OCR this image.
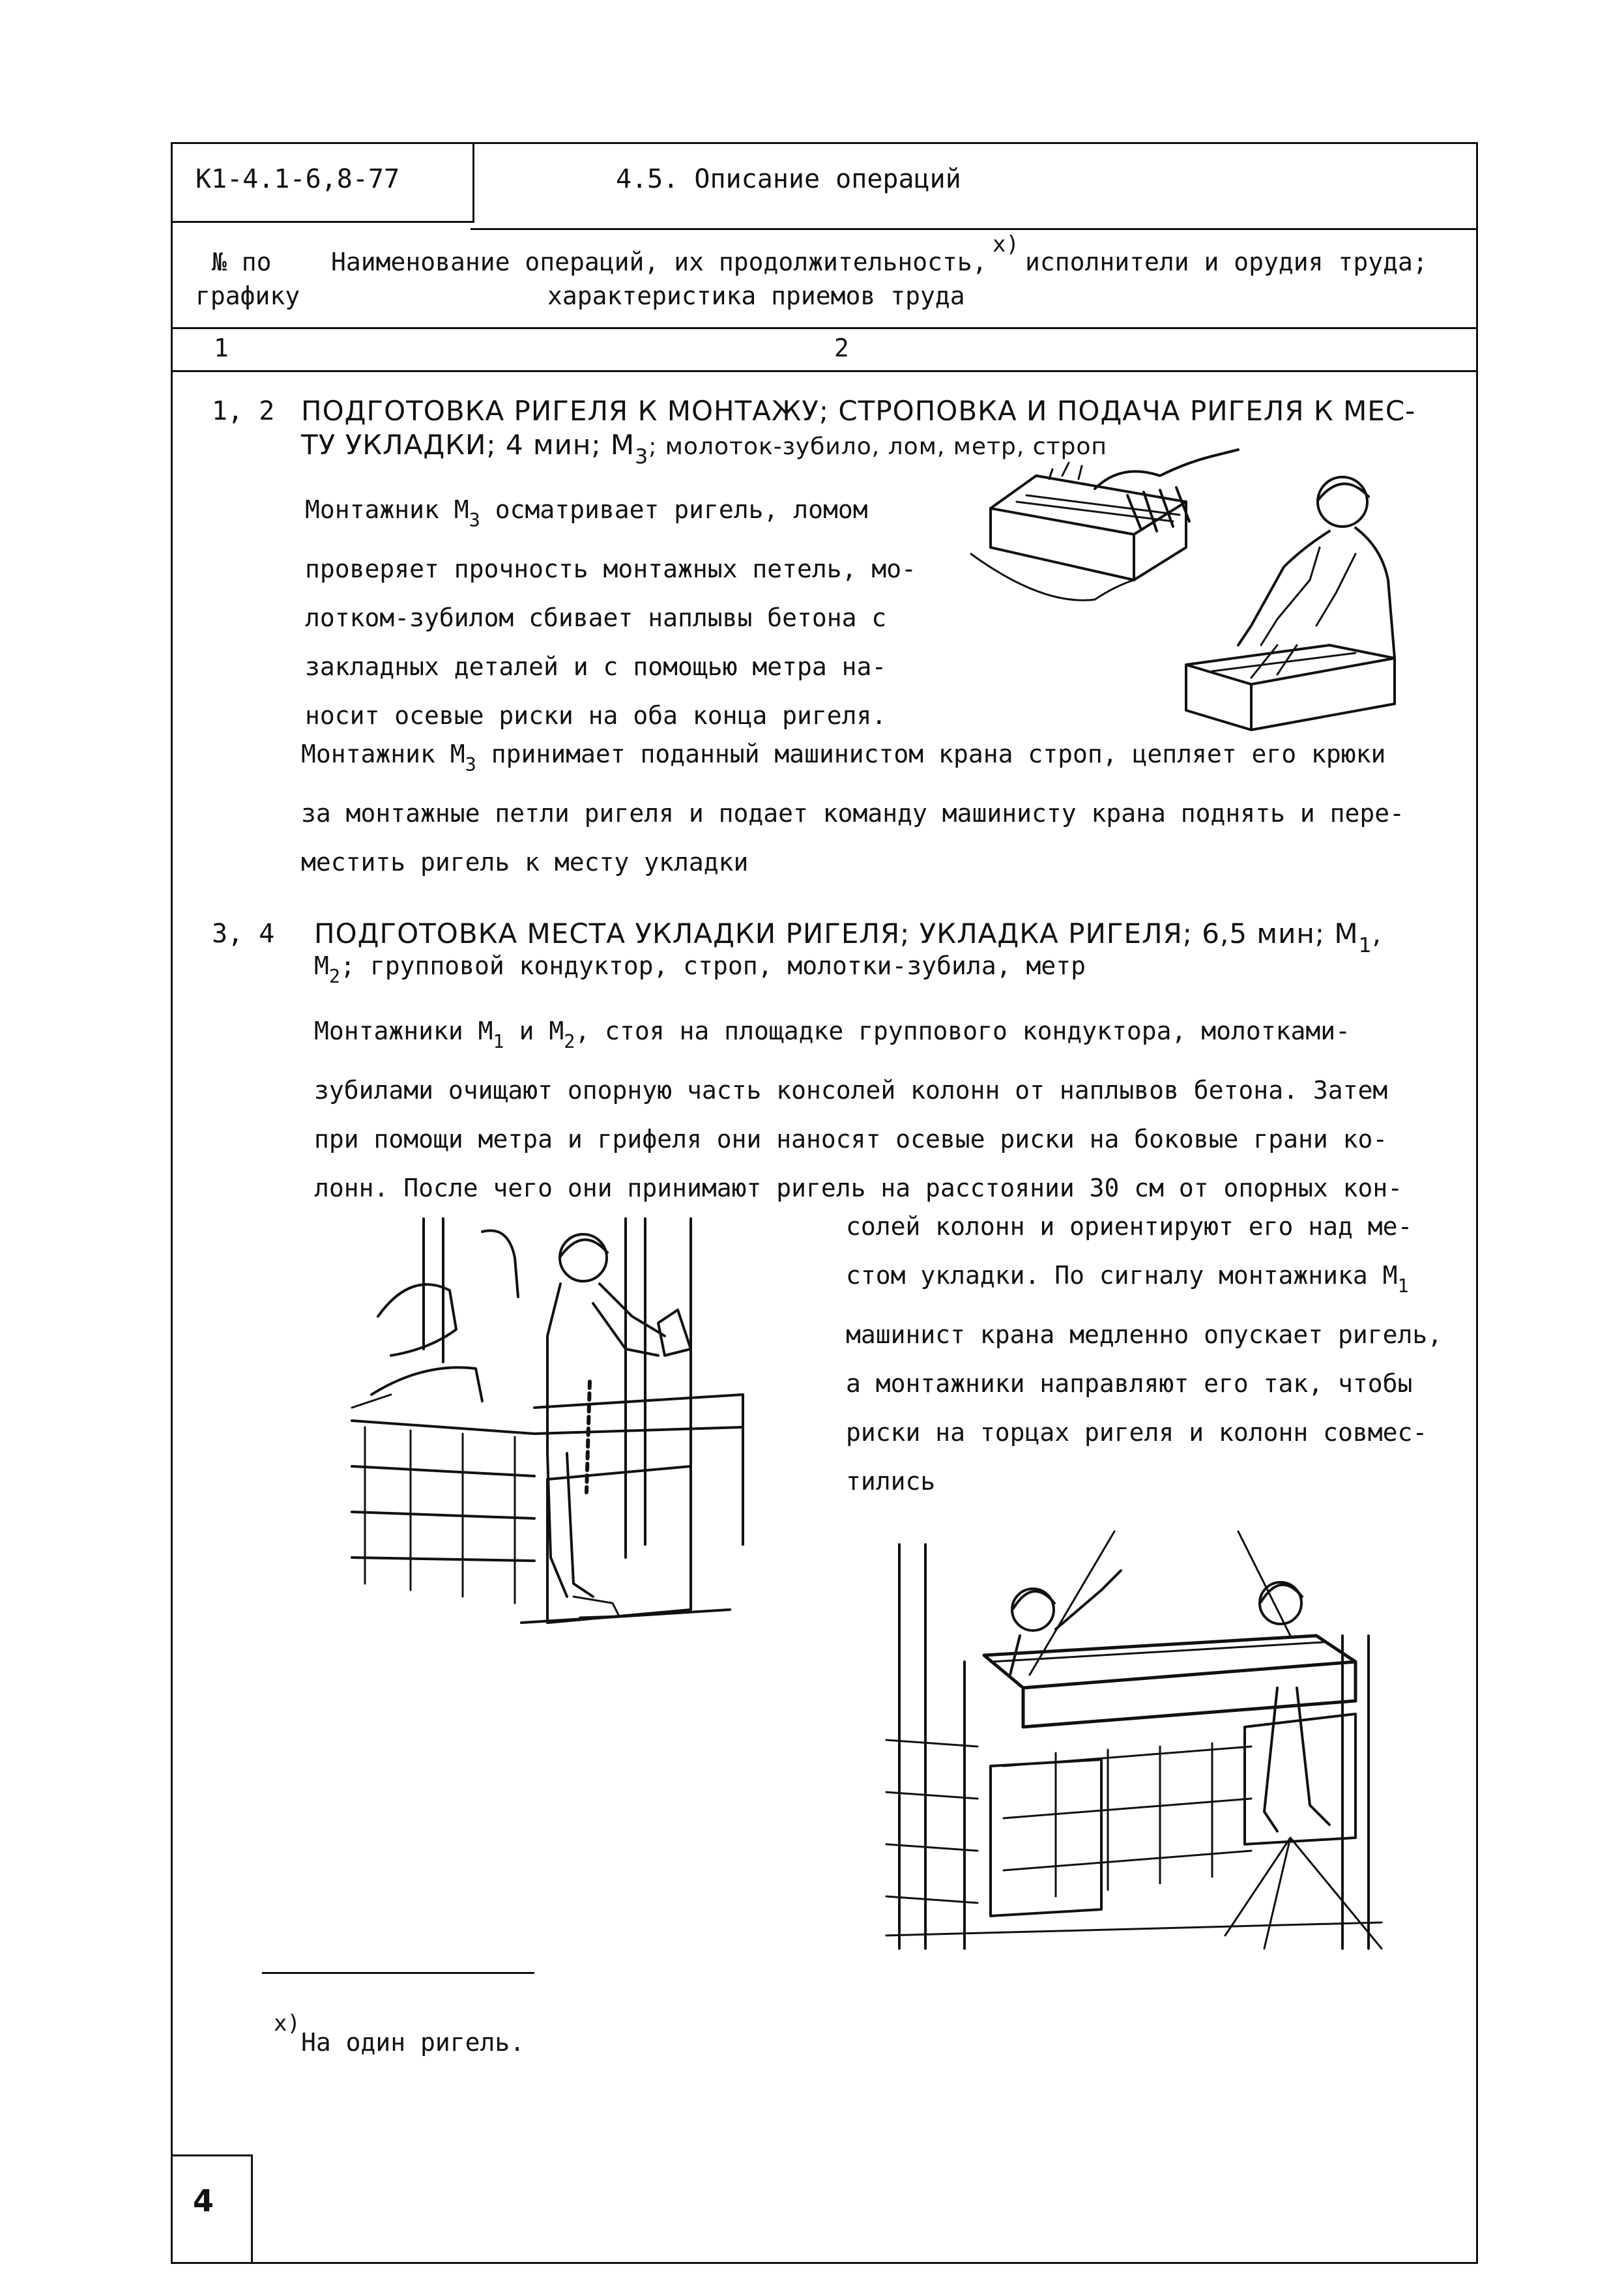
К1-4.1-6,8-77	4.5. Описание операций
№ по
графику
Наименование операций, их продолжительность,
x)
исполнители и орудия труда;
характеристика приемов труда
1	2
1, 2 ПОДГОТОВКА РИГЕЛЯ К МОНТАЖУ; СТРОПОВКА И ПОДАЧА РИГЕЛЯ К МЕС-
ТУ УКЛАДКИ; 4 мин; $М_3$; молоток-зубило, лом, метр, строп
Монтажник $М_3$ осматривает ригель, ломом
проверяет прочность монтажных петель, мо-
лотком-зубилом сбивает наплывы бетона с
закладных деталей и с помощью метра на-
носит осевые риски на оба конца ригеля.
Монтажник $М_3$ принимает поданный машинистом крана строп, цепляет его крюки
за монтажные петли ригеля и подает команду машинисту крана поднять и пере-
местить ригель к месту укладки
3, 4 ПОДГОТОВКА МЕСТА УКЛАДКИ РИГЕЛЯ; УКЛАДКА РИГЕЛЯ; 6,5 мин; $М_1$,
$М_2$; групповой кондуктор, строп, молотки-зубила, метр
Монтажники $М_1$ и $М_2$, стоя на площадке группового кондуктора, молотками-
зубилами очищают опорную часть консолей колонн от наплывов бетона. Затем
при помощи метра и грифеля они наносят осевые риски на боковые грани ко-
лонн. После чего они принимают ригель на расстоянии 30 см от опорных кон-
солей колонн и ориентируют его над ме-
стом укладки. По сигналу монтажника $М_1$
машинист крана медленно опускает ригель,
а монтажники направляют его так, чтобы
риски на торцах ригеля и колонн совмес-
тились
x)
На один ригель.
4
